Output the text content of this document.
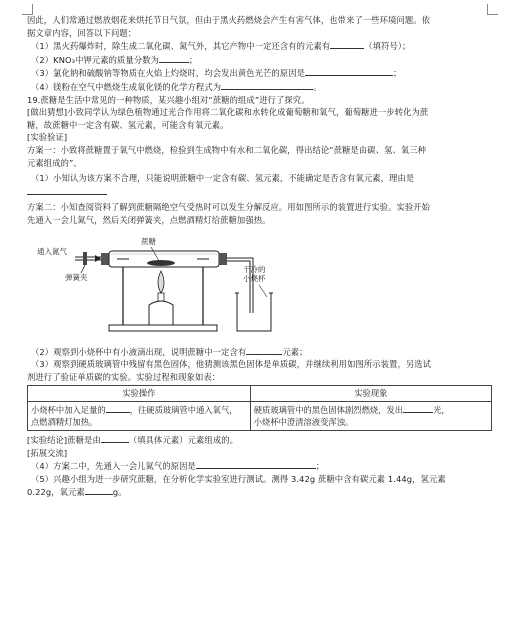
因此，人们常通过燃放烟花来烘托节日气氛，但由于黑火药燃烧会产生有害气体，也带来了一些环境问题。依

据文章内容，回答以下问题：

（1）黑火药爆炸时，除生成二氧化碳、氮气外，其它产物中一定还含有的元素有	（填符号）；

（2）KNO₃中钾元素的质量分数为	；

（3）氯化钠和硫酸钠等物质在火焰上灼烧时，均会发出黄色光芒的原因是	；

（4）镁粉在空气中燃烧生成氧化镁的化学方程式为	。

19.蔗糖是生活中常见的一种物质，某兴趣小组对“蔗糖的组成”进行了探究。

[做出猜想]小致同学认为绿色植物通过光合作用将二氧化碳和水转化成葡萄糖和氧气，葡萄糖进一步转化为蔗

糖，故蔗糖中一定含有碳、氢元素，可能含有氧元素。

[实验验证]

方案一：小致将蔗糖置于氧气中燃烧，检验到生成物中有水和二氧化碳，得出结论“蔗糖是由碳、氢、氧三种

元素组成的”。

（1）小知认为该方案不合理，只能说明蔗糖中一定含有碳、氢元素，不能确定是否含有氧元素，理由是

方案二：小知查阅资料了解到蔗糖隔绝空气受热时可以发生分解反应。用如图所示的装置进行实验。实验开始

先通入一会儿氮气，然后关闭弹簧夹，点燃酒精灯给蔗糖加强热。

通入氮气
弹簧夹
蔗糖
干冷的
小烧杯

（2）观察到小烧杯中有小液滴出现，说明蔗糖中一定含有	元素；

（3）观察到硬质玻璃管中残留有黑色固体，他猜测该黑色固体是单质碳，并继续利用如图所示装置，另选试

剂进行了验证单质碳的实验。实验过程和现象如表：

实验操作	实验现象
小烧杯中加入足量的 ，往硬质玻璃管中通入氧气，
点燃酒精灯加热。	硬质玻璃管中的黑色固体剧烈燃烧，发出 光，
小烧杯中澄清溶液变浑浊。

[实验结论]蔗糖是由	（填具体元素）元素组成的。

[拓展交流]

（4）方案二中，先通入一会儿氮气的原因是	；

（5）兴趣小组为进一步研究蔗糖，在分析化学实验室进行测试。测得 3.42g 蔗糖中含有碳元素 1.44g，氢元素

0.22g，氧元素	g。
